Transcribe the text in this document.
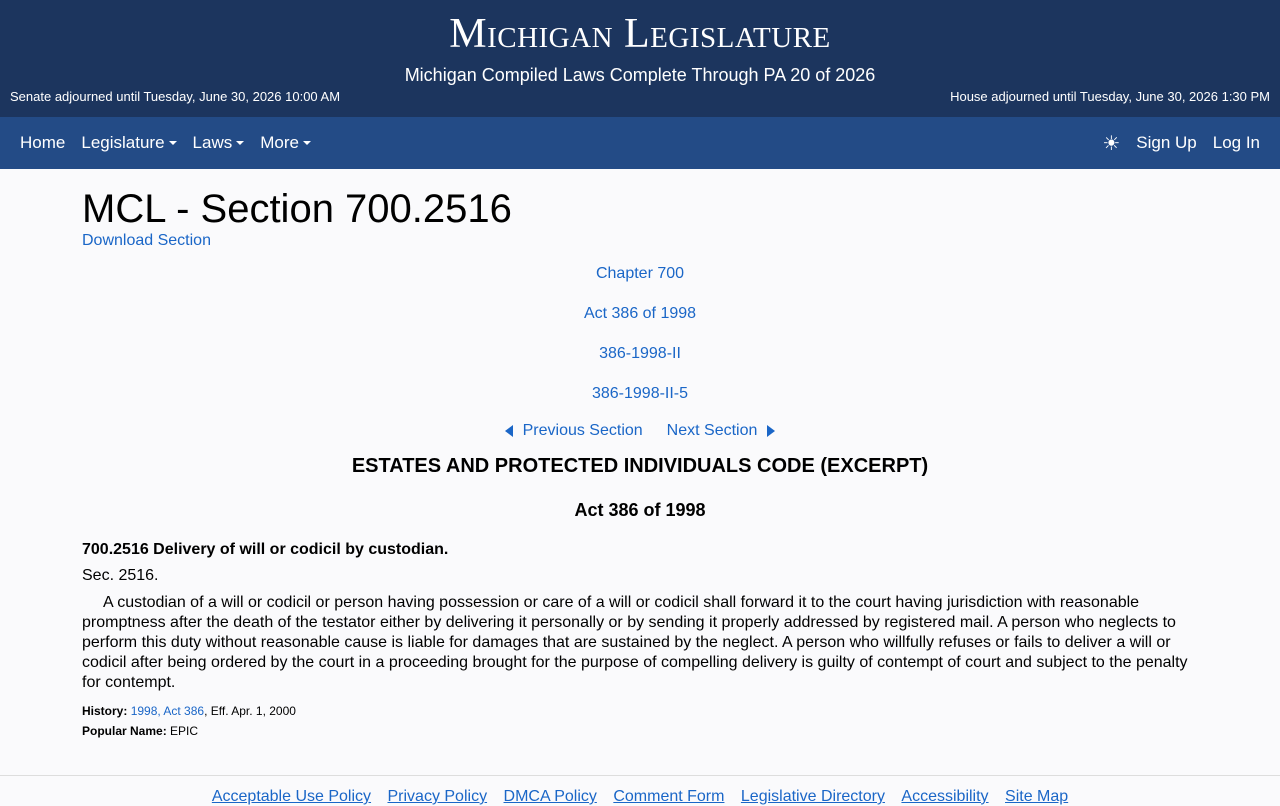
Michigan Legislature
Michigan Compiled Laws Complete Through PA 20 of 2026
Senate adjourned until Tuesday, June 30, 2026 10:00 AM	House adjourned until Tuesday, June 30, 2026 1:30 PM
Home Legislature Laws More	☀ Sign Up Log In
MCL - Section 700.2516
Download Section
Chapter 700
Act 386 of 1998
386-1998-II
386-1998-II-5
Previous Section Next Section
ESTATES AND PROTECTED INDIVIDUALS CODE (EXCERPT)
Act 386 of 1998
700.2516 Delivery of will or codicil by custodian.
Sec. 2516.
A custodian of a will or codicil or person having possession or care of a will or codicil shall forward it to the court having jurisdiction with reasonable promptness after the death of the testator either by delivering it personally or by sending it properly addressed by registered mail. A person who neglects to perform this duty without reasonable cause is liable for damages that are sustained by the neglect. A person who willfully refuses or fails to deliver a will or codicil after being ordered by the court in a proceeding brought for the purpose of compelling delivery is guilty of contempt of court and subject to the penalty for contempt.
History: 1998, Act 386, Eff. Apr. 1, 2000
Popular Name: EPIC
Acceptable Use Policy Privacy Policy DMCA Policy Comment Form Legislative Directory Accessibility Site Map
